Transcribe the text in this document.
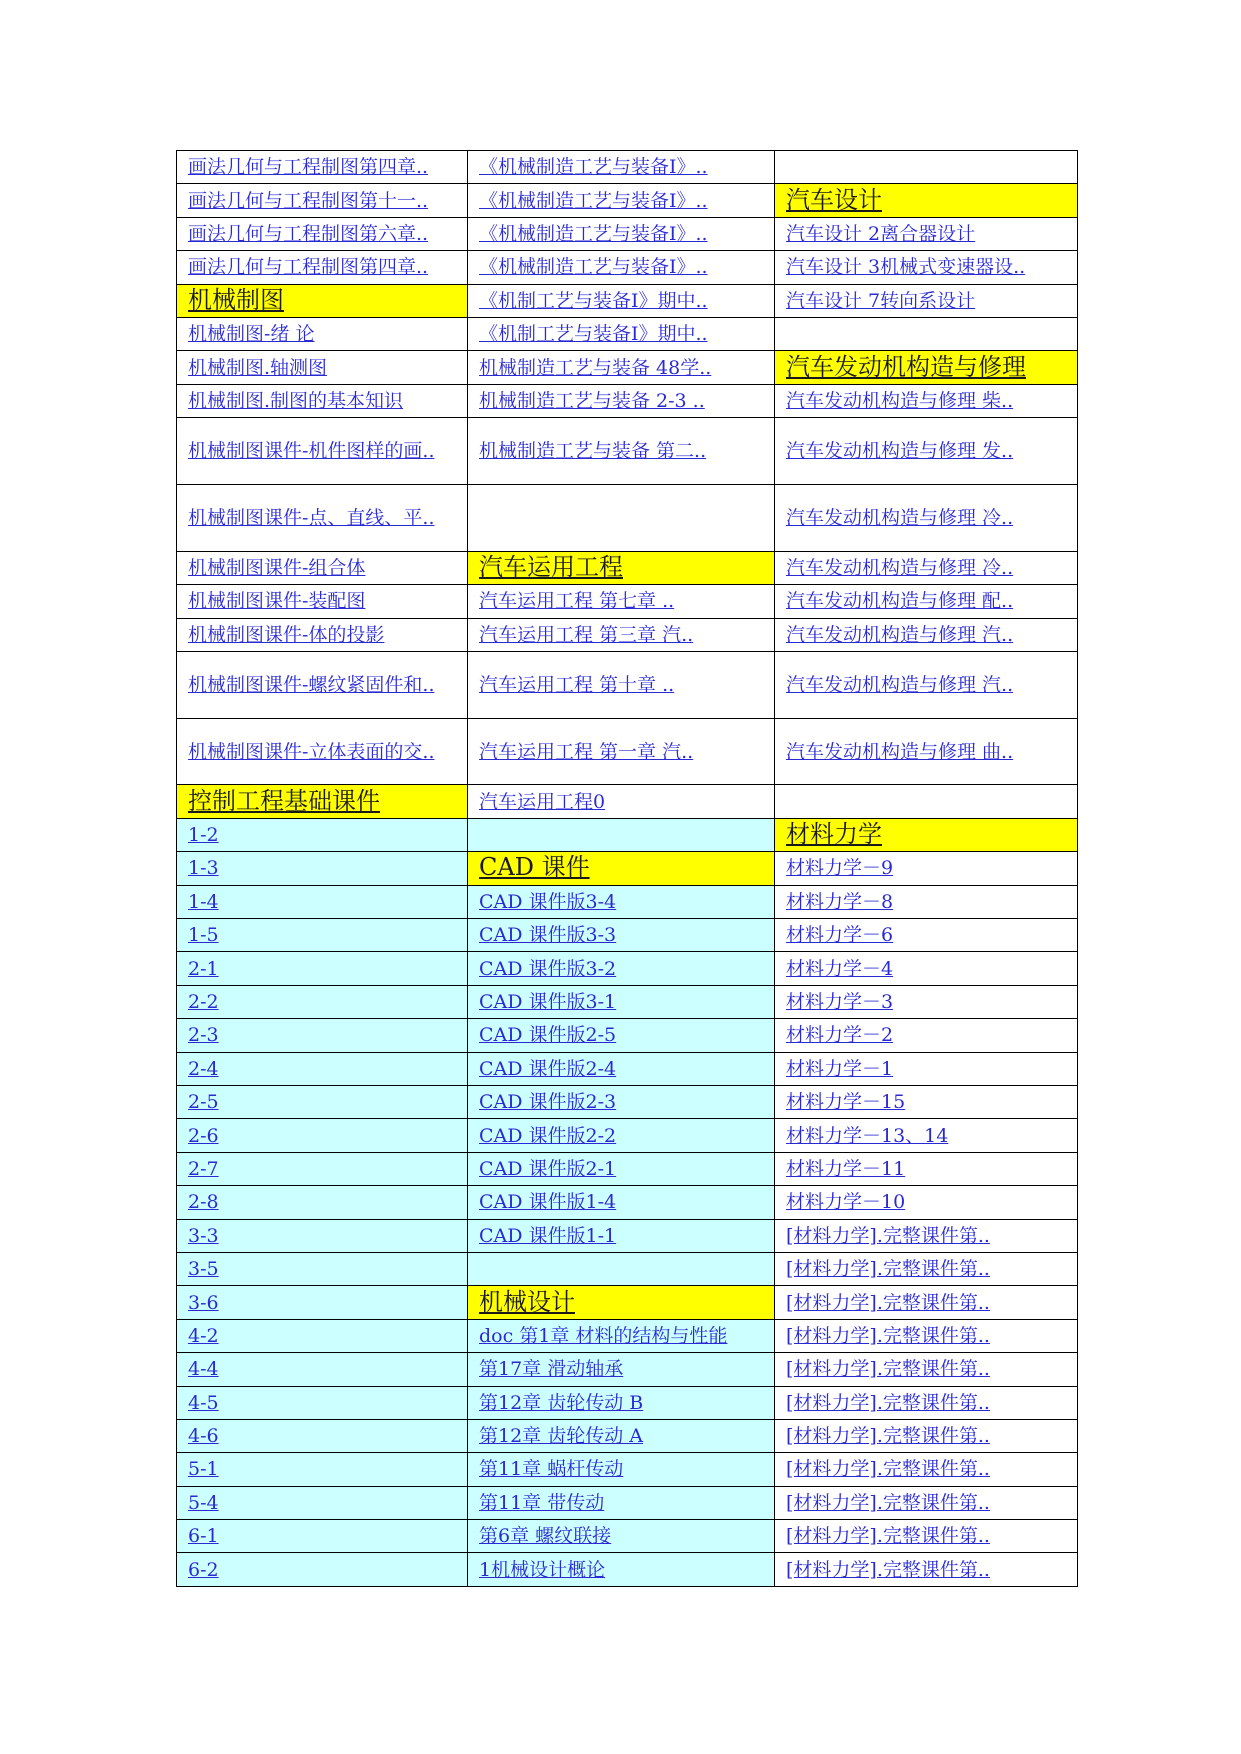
画法几何与工程制图第四章..	《机械制造工艺与装备Ⅰ》..	
画法几何与工程制图第十一..	《机械制造工艺与装备Ⅰ》..	汽车设计
画法几何与工程制图第六章..	《机械制造工艺与装备Ⅰ》..	汽车设计 2离合器设计
画法几何与工程制图第四章..	《机械制造工艺与装备Ⅰ》..	汽车设计 3机械式变速器设..
机械制图	《机制工艺与装备Ⅰ》期中..	汽车设计 7转向系设计
机械制图-绪 论	《机制工艺与装备Ⅰ》期中..	
机械制图.轴测图	机械制造工艺与装备 48学..	汽车发动机构造与修理
机械制图.制图的基本知识	机械制造工艺与装备 2-3 ..	汽车发动机构造与修理 柴..

机械制图课件-机件图样的画..	机械制造工艺与装备 第二..	汽车发动机构造与修理 发..

机械制图课件-点、直线、平..		汽车发动机构造与修理 冷..
机械制图课件-组合体	汽车运用工程	汽车发动机构造与修理 冷..
机械制图课件-装配图	汽车运用工程 第七章 ..	汽车发动机构造与修理 配..
机械制图课件-体的投影	汽车运用工程 第三章 汽..	汽车发动机构造与修理 汽..

机械制图课件-螺纹紧固件和..	汽车运用工程 第十章 ..	汽车发动机构造与修理 汽..

机械制图课件-立体表面的交..	汽车运用工程 第一章 汽..	汽车发动机构造与修理 曲..
控制工程基础课件	汽车运用工程0	
1-2		材料力学
1-3	CAD 课件	材料力学－9
1-4	CAD 课件版3-4	材料力学－8
1-5	CAD 课件版3-3	材料力学－6
2-1	CAD 课件版3-2	材料力学－4
2-2	CAD 课件版3-1	材料力学－3
2-3	CAD 课件版2-5	材料力学－2
2-4	CAD 课件版2-4	材料力学－1
2-5	CAD 课件版2-3	材料力学－15
2-6	CAD 课件版2-2	材料力学－13、14
2-7	CAD 课件版2-1	材料力学－11
2-8	CAD 课件版1-4	材料力学－10
3-3	CAD 课件版1-1	[材料力学].完整课件第..
3-5		[材料力学].完整课件第..
3-6	机械设计	[材料力学].完整课件第..
4-2	doc 第1章 材料的结构与性能	[材料力学].完整课件第..
4-4	第17章 滑动轴承	[材料力学].完整课件第..
4-5	第12章 齿轮传动 B	[材料力学].完整课件第..
4-6	第12章 齿轮传动 A	[材料力学].完整课件第..
5-1	第11章 蜗杆传动	[材料力学].完整课件第..
5-4	第11章 带传动	[材料力学].完整课件第..
6-1	第6章 螺纹联接	[材料力学].完整课件第..
6-2	1机械设计概论	[材料力学].完整课件第..
